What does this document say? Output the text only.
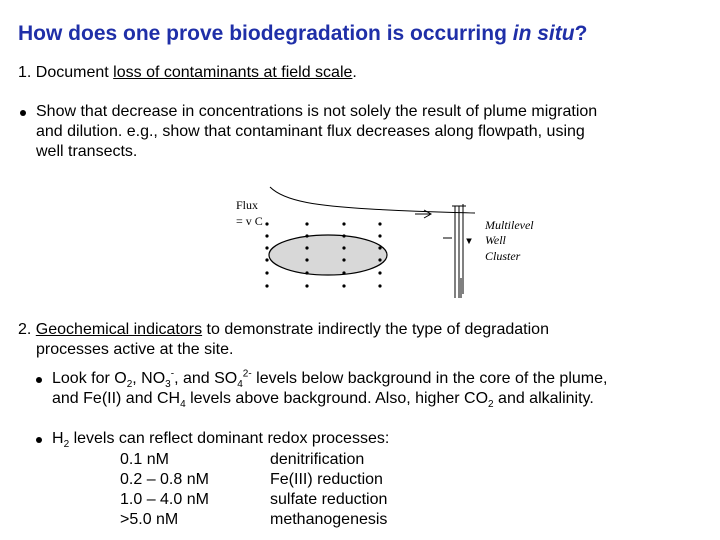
How does one prove biodegradation is occurring in situ?
1. Document loss of contaminants at field scale.
Show that decrease in concentrations is not solely the result of plume migration
and dilution. e.g., show that contaminant flux decreases along flowpath, using
well transects.
Flux
= v C	Multilevel
Well
Cluster
2. Geochemical indicators to demonstrate indirectly the type of degradation
processes active at the site.
Look for $O_2$, $NO_3^-$, and $SO_4^{2-}$ levels below background in the core of the plume,
and Fe(II) and $CH_4$ levels above background. Also, higher $CO_2$ and alkalinity.
$H_2$ levels can reflect dominant redox processes:
0.1 nM	denitrification
0.2 – 0.8 nM	Fe(III) reduction
1.0 – 4.0 nM	sulfate reduction
>5.0 nM	methanogenesis
